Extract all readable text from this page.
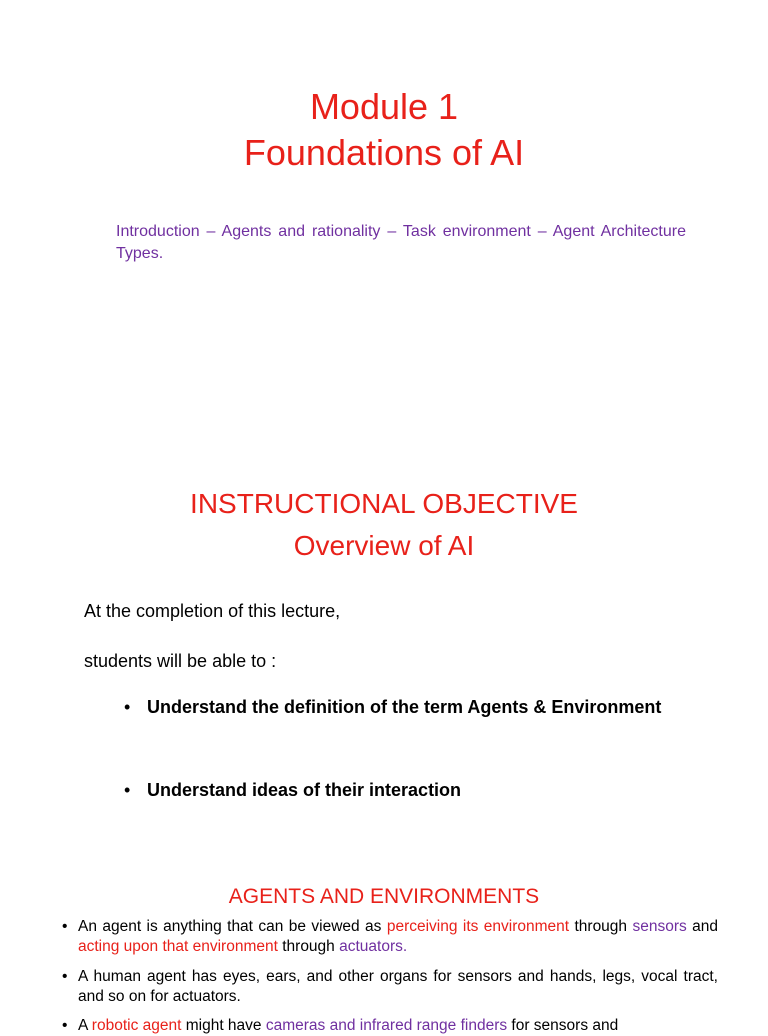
Module 1
Foundations of AI

Introduction – Agents and rationality – Task environment – Agent Architecture Types.

INSTRUCTIONAL OBJECTIVE
Overview of AI
At the completion of this lecture,
students will be able to :
• Understand the definition of the term Agents & Environment
• Understand ideas of their interaction
AGENTS AND ENVIRONMENTS
• An agent is anything that can be viewed as perceiving its environment through sensors and acting upon that environment through actuators.
• A human agent has eyes, ears, and other organs for sensors and hands, legs, vocal tract, and so on for actuators.
• A robotic agent might have cameras and infrared range finders for sensors and
